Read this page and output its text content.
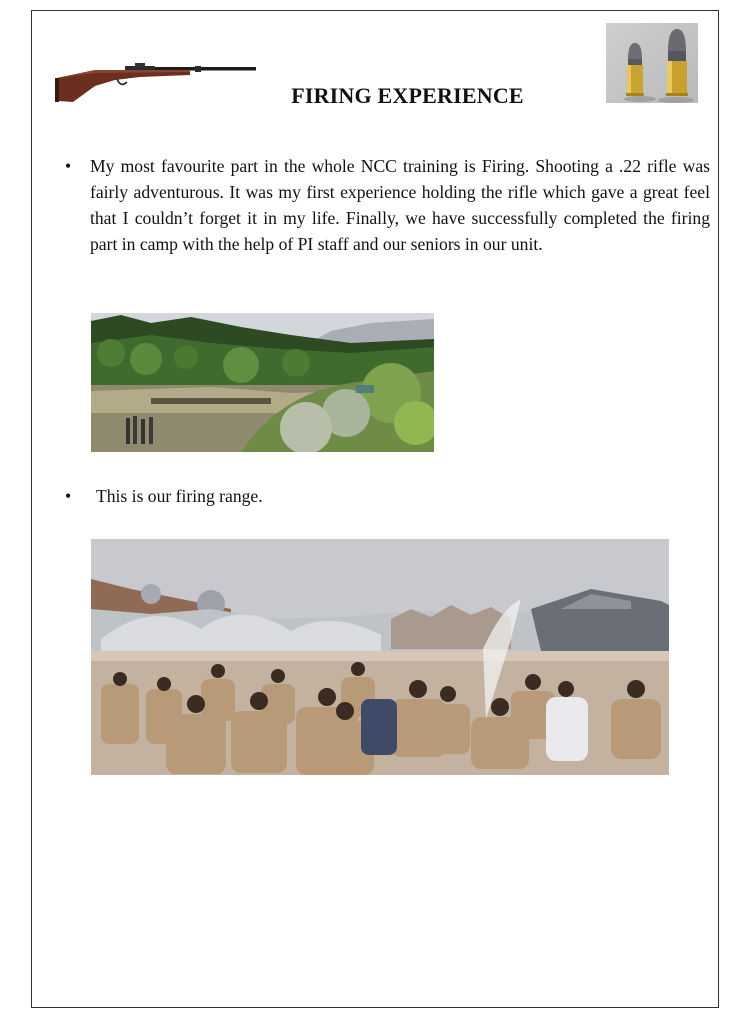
FIRING EXPERIENCE
• My most favourite part in the whole NCC training is Firing. Shooting a .22 rifle was fairly adventurous. It was my first experience holding the rifle which gave a great feel that I couldn’t forget it in my life. Finally, we have successfully completed the firing part in camp with the help of PI staff and our seniors in our unit.
• This is our firing range.
